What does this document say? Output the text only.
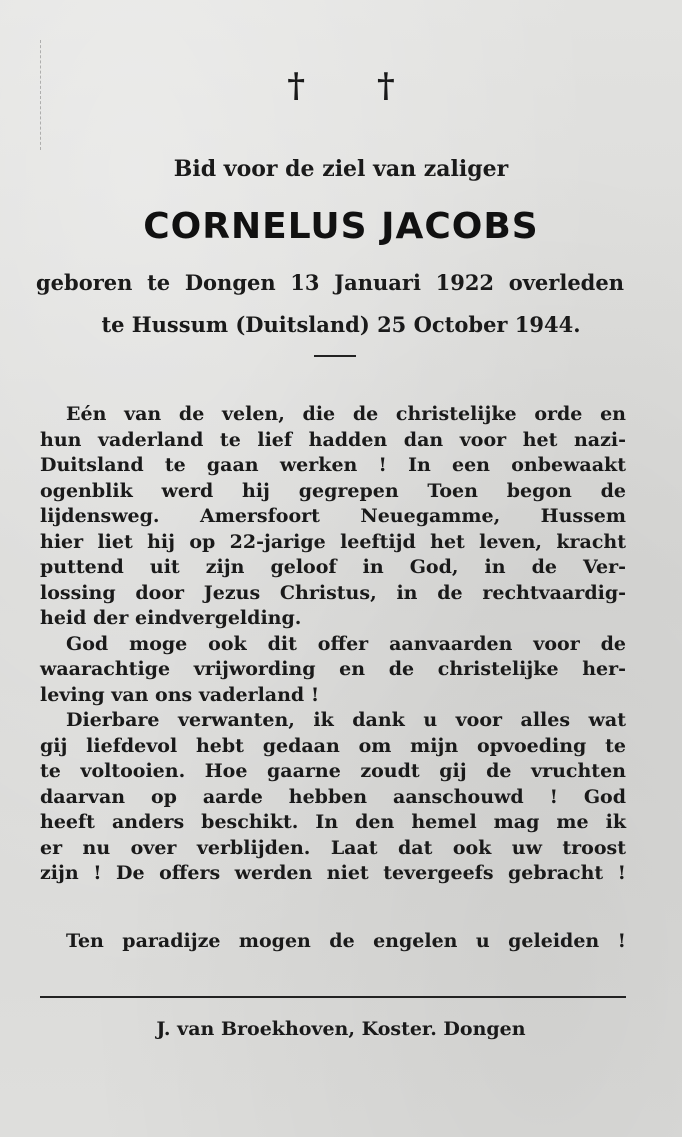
† †
Bid voor de ziel van zaliger
CORNELUS JACOBS
geboren te Dongen 13 Januari 1922 overleden
te Hussum (Duitsland) 25 October 1944.

Eén van de velen, die de christelijke orde en

hun vaderland te lief hadden dan voor het nazi-

Duitsland te gaan werken ! In een onbewaakt

ogenblik werd hij gegrepen Toen begon de

lijdensweg. Amersfoort Neuegamme, Hussem

hier liet hij op 22-jarige leeftijd het leven, kracht

puttend uit zijn geloof in God, in de Ver-

lossing door Jezus Christus, in de rechtvaardig-

heid der eindvergelding.

God moge ook dit offer aanvaarden voor de

waarachtige vrijwording en de christelijke her-

leving van ons vaderland !

Dierbare verwanten, ik dank u voor alles wat

gij liefdevol hebt gedaan om mijn opvoeding te

te voltooien. Hoe gaarne zoudt gij de vruchten

daarvan op aarde hebben aanschouwd ! God

heeft anders beschikt. In den hemel mag me ik

er nu over verblijden. Laat dat ook uw troost

zijn ! De offers werden niet tevergeefs gebracht !

Ten paradijze mogen de engelen u geleiden !
J. van Broekhoven, Koster. Dongen
